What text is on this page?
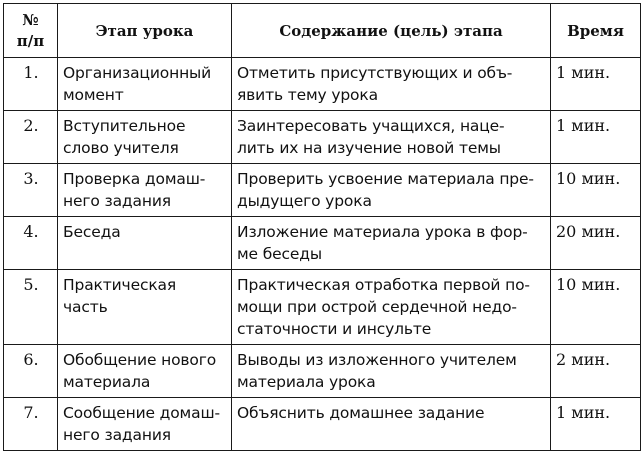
№
п/п	Этап урока	Содержание (цель) этапа	Время
1.	Организационный
момент	Отметить присутствующих и объ-
явить тему урока	1 мин.
2.	Вступительное
слово учителя	Заинтересовать учащихся, наце-
лить их на изучение новой темы	1 мин.
3.	Проверка домаш-
него задания	Проверить усвоение материала пре-
дыдущего урока	10 мин.
4.	Беседа	Изложение материала урока в фор-
ме беседы	20 мин.
5.	Практическая
часть	Практическая отработка первой по-
мощи при острой сердечной недо-
статочности и инсульте	10 мин.
6.	Обобщение нового
материала	Выводы из изложенного учителем
материала урока	2 мин.
7.	Сообщение домаш-
него задания	Объяснить домашнее задание	1 мин.
